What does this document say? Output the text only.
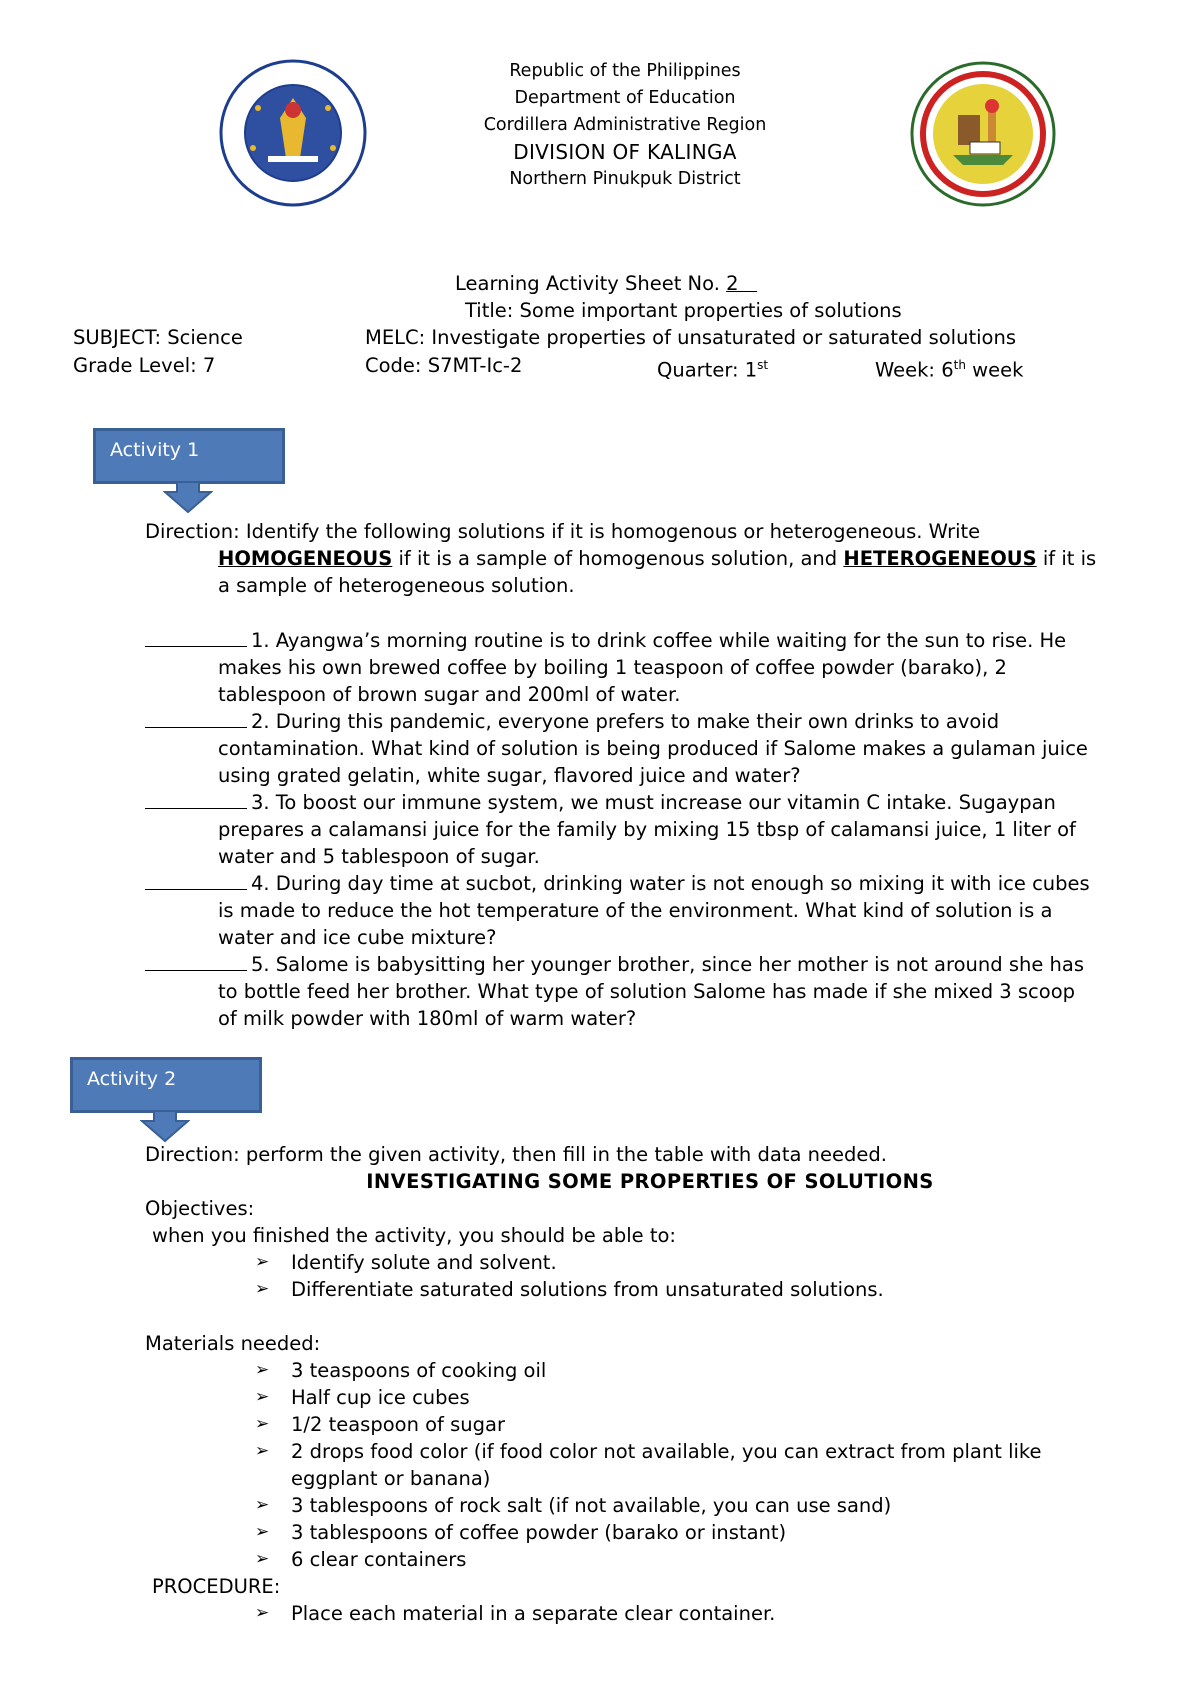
Republic of the Philippines
Department of Education
Cordillera Administrative Region
DIVISION OF KALINGA
Northern Pinukpuk District
Learning Activity Sheet No. 2
Title: Some important properties of solutions
SUBJECT: Science	MELC: Investigate properties of unsaturated or saturated solutions
Grade Level: 7	Code: S7MT-Ic-2	Quarter: 1st	Week: 6th week
Activity 1
Direction: Identify the following solutions if it is homogenous or heterogeneous. Write
HOMOGENEOUS if it is a sample of homogenous solution, and HETEROGENEOUS if it is
a sample of heterogeneous solution.
1. Ayangwa’s morning routine is to drink coffee while waiting for the sun to rise. He
makes his own brewed coffee by boiling 1 teaspoon of coffee powder (barako), 2
tablespoon of brown sugar and 200ml of water.
2. During this pandemic, everyone prefers to make their own drinks to avoid
contamination. What kind of solution is being produced if Salome makes a gulaman juice
using grated gelatin, white sugar, flavored juice and water?
3. To boost our immune system, we must increase our vitamin C intake. Sugaypan
prepares a calamansi juice for the family by mixing 15 tbsp of calamansi juice, 1 liter of
water and 5 tablespoon of sugar.
4. During day time at sucbot, drinking water is not enough so mixing it with ice cubes
is made to reduce the hot temperature of the environment. What kind of solution is a
water and ice cube mixture?
5. Salome is babysitting her younger brother, since her mother is not around she has
to bottle feed her brother. What type of solution Salome has made if she mixed 3 scoop
of milk powder with 180ml of warm water?
Activity 2
Direction: perform the given activity, then fill in the table with data needed.
INVESTIGATING SOME PROPERTIES OF SOLUTIONS
Objectives:
when you finished the activity, you should be able to:
➢	Identify solute and solvent.
➢	Differentiate saturated solutions from unsaturated solutions.
Materials needed:
➢	3 teaspoons of cooking oil
➢	Half cup ice cubes
➢	1/2 teaspoon of sugar
➢	2 drops food color (if food color not available, you can extract from plant like
eggplant or banana)
➢	3 tablespoons of rock salt (if not available, you can use sand)
➢	3 tablespoons of coffee powder (barako or instant)
➢	6 clear containers
PROCEDURE:
➢	Place each material in a separate clear container.
